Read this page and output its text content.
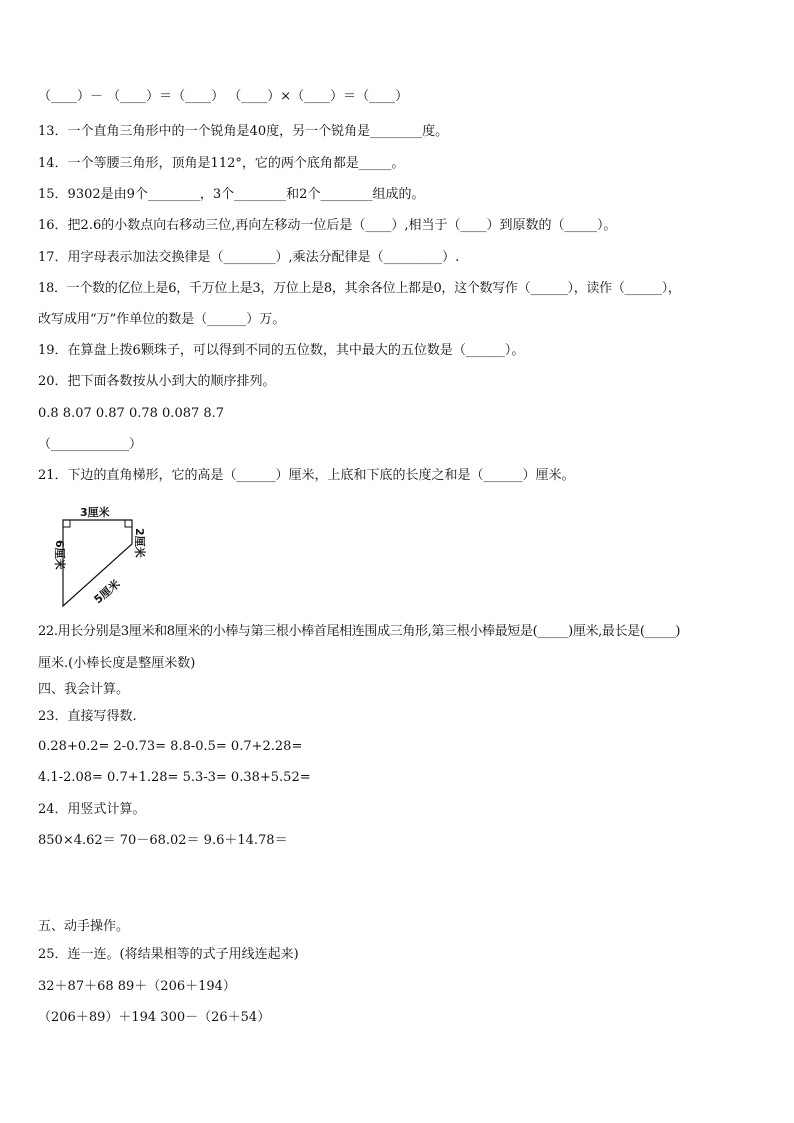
（____）－ （____）＝（____） （____）×（____）＝（____）
13．一个直角三角形中的一个锐角是40度，另一个锐角是________度。
14．一个等腰三角形，顶角是112°，它的两个底角都是_____。
15．9302是由9个________，3个________和2个________组成的。
16．把2.6的小数点向右移动三位,再向左移动一位后是（____）,相当于（____）到原数的（_____）。
17．用字母表示加法交换律是（________）,乘法分配律是（_________）.
18．一个数的亿位上是6，千万位上是3，万位上是8，其余各位上都是0，这个数写作（______），读作（______），
改写成用“万”作单位的数是（______）万。
19．在算盘上拨6颗珠子，可以得到不同的五位数，其中最大的五位数是（______）。
20．把下面各数按从小到大的顺序排列。
0.8 8.07 0.87 0.78 0.087 8.7
（____________）
21．下边的直角梯形，它的高是（______）厘米，上底和下底的长度之和是（______）厘米。
3厘米
6厘米	2厘米
5厘米
22.用长分别是3厘米和8厘米的小棒与第三根小棒首尾相连围成三角形,第三根小棒最短是(_____)厘米,最长是(_____)
厘米.(小棒长度是整厘米数)
四、我会计算。
23．直接写得数.
0.28+0.2= 2-0.73= 8.8-0.5= 0.7+2.28=
4.1-2.08= 0.7+1.28= 5.3-3= 0.38+5.52=
24．用竖式计算。
850×4.62＝ 70－68.02＝ 9.6＋14.78＝
五、动手操作。
25．连一连。(将结果相等的式子用线连起来)
32＋87＋68 89＋（206＋194）
（206＋89）＋194 300－（26＋54）
